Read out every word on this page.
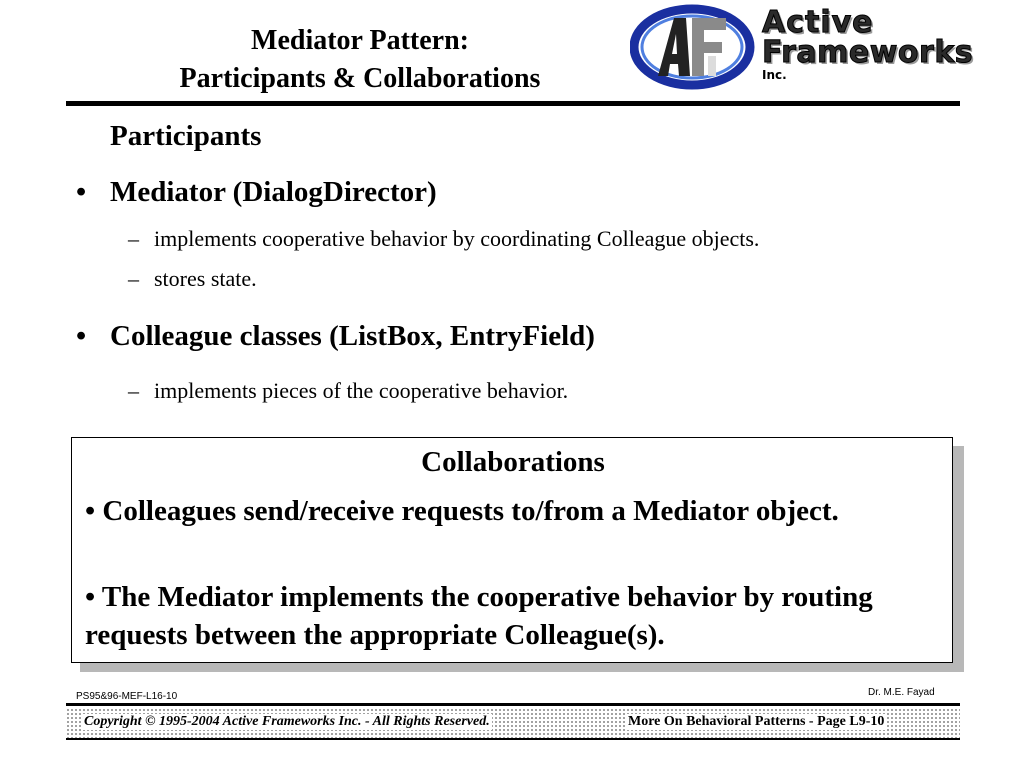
Mediator Pattern:
Participants & Collaborations
Active
Frameworks
Inc.
Participants
• Mediator (DialogDirector)
– implements cooperative behavior by coordinating Colleague objects.
– stores state.
• Colleague classes (ListBox, EntryField)
– implements pieces of the cooperative behavior.
Collaborations
• Colleagues send/receive requests to/from a Mediator object.
• The Mediator implements the cooperative behavior by routing requests between the appropriate Colleague(s).
PS95&96-MEF-L16-10	Dr. M.E. Fayad
Copyright © 1995-2004 Active Frameworks Inc. - All Rights Reserved.	More On Behavioral Patterns - Page L9-10
